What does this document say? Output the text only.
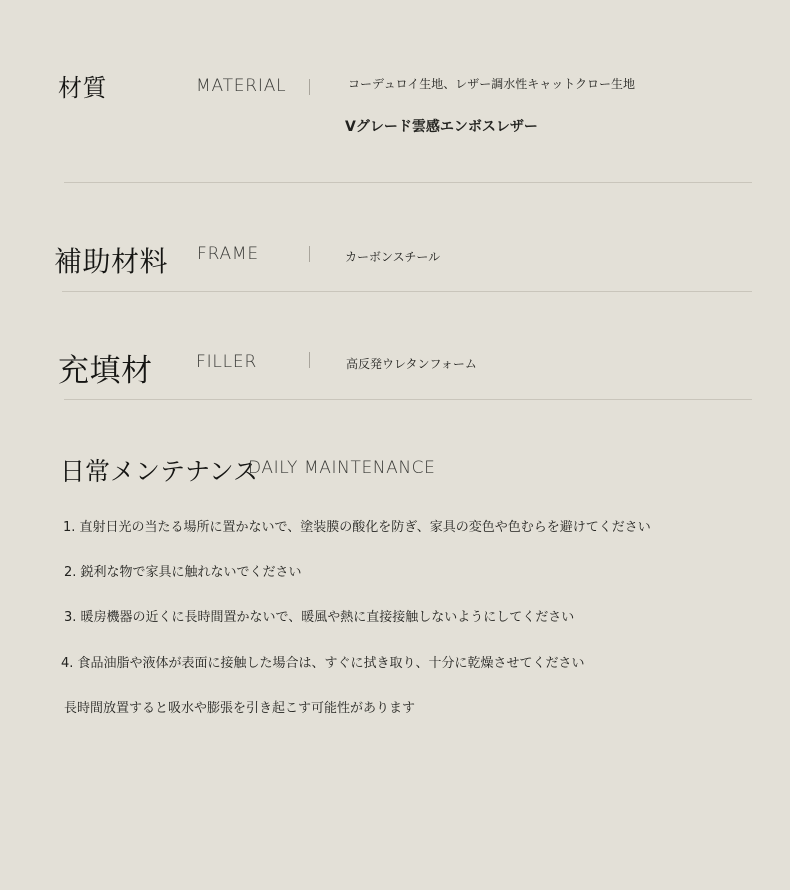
材質	MATERIAL	コーデュロイ生地、レザー調水性キャットクロー生地
Vグレード雲感エンボスレザー
補助材料 FRAME	カーボンスチール
充填材	FILLER	高反発ウレタンフォーム
日常メンテナンス
DAILY MAINTENANCE
1. 直射日光の当たる場所に置かないで、塗装膜の酸化を防ぎ、家具の変色や色むらを避けてください
2. 鋭利な物で家具に触れないでください
3. 暖房機器の近くに長時間置かないで、暖風や熱に直接接触しないようにしてください
4. 食品油脂や液体が表面に接触した場合は、すぐに拭き取り、十分に乾燥させてください
長時間放置すると吸水や膨張を引き起こす可能性があります
